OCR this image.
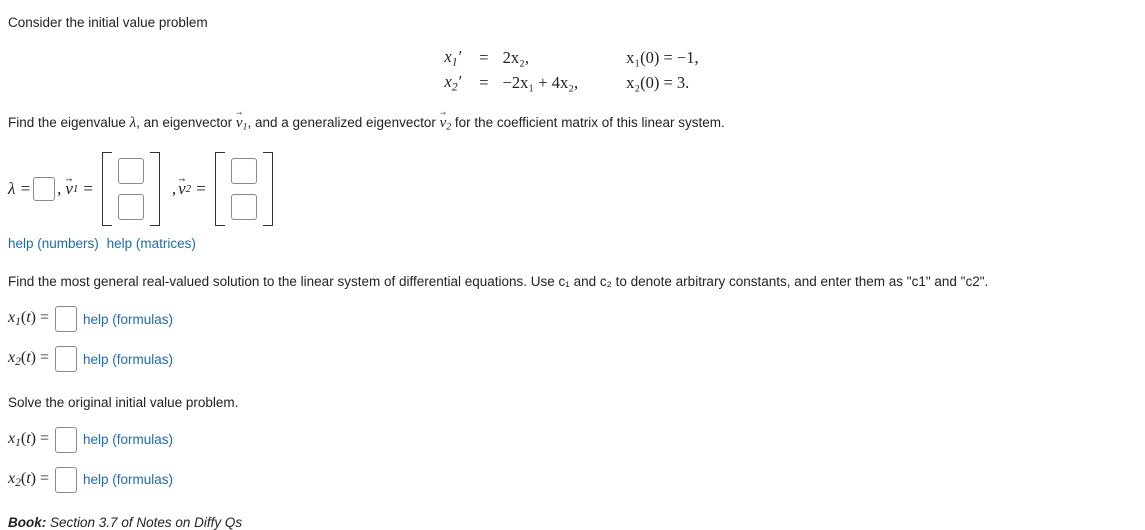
Consider the initial value problem
$x_1'$	=	2x₂,	x₁(0) = −1,
$x_2'$	=	−2x₁ + 4x₂,	x₂(0) = 3.
Find the eigenvalue λ, an eigenvector → $v_1$, and a generalized eigenvector → $v_2$ for the coefficient matrix of this linear system.
λ = , → v 1 =	, → v 2 =
help (numbers) help (matrices)
Find the most general real-valued solution to the linear system of differential equations. Use c₁ and c₂ to denote arbitrary constants, and enter them as "c1" and "c2".
$x_1(t)$ =	help (formulas)
$x_2(t)$ =	help (formulas)
Solve the original initial value problem.
$x_1(t)$ =	help (formulas)
$x_2(t)$ =	help (formulas)
Book: Section 3.7 of Notes on Diffy Qs
